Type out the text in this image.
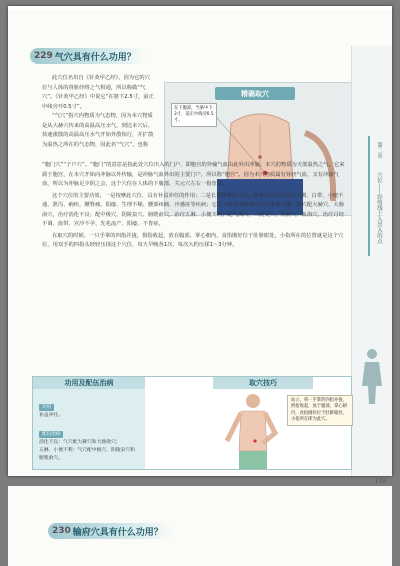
229 气穴具有什么功用？

此穴位名出自《针灸甲乙经》，因为它的穴位与人体的肾脏经络之气相通，所以称做“气穴”。《针灸甲乙经》中说它“在脐下2.5寸，前正中线旁开0.5寸”。

“气穴”指穴内物质为气态物，因为本穴物质是从大赫穴传来的高温高压水气，到达本穴后，快速涨散的高温高压水气开始外散惊行，并扩散为温热之所在的气态物，因此名“气穴”，也称

精确取穴
在下腹部，当脐中下3寸，前正中线旁0.5寸。

“胞门穴”“子户穴”。“胞门”的意思是指此处穴位出入的门户，即胞宫的外输气血由此外出冲脉。本穴的物质为天部温热之气，它来源于胞宫，在本穴开始向冲脉以外传输，是冲脉气血外出的主要门户，所以称“胞宫”。因为本穴物质属有肾经气血，又有冲脉气血，所以为冲脉足少阴之会，这个穴位在人体的下腹部，关元穴左右一指宽处。

这个穴位的主要功效，一是按摩此穴位，具有补益冲任的作用；二是长期按摩此穴位，能够有效治疗月经不调、白带、小便不通、泄泻、痢疾、腰脊痛、阳痿、生理不顺、腰部疼痛、冷感症等疾病；它是人体足少阴肾经上的重要穴道，此穴配大赫穴、大肠俞穴，治疗消化不良；配中极穴、阴陵泉穴、膀胱俞穴，治疗五淋、小便不利；配气海穴、三阴交穴、肾俞穴、血海穴，治疗月经不调、血带、宫冷不孕、先兆流产、阳痿、不育症。

在取穴的时候，一只手掌的四指并拢，拇指收起，放在腹部，掌心朝内，食指刚好位于肚脐眼处，小指所在的位置就是这个穴位，用双手的四指头轻轻压揉这个穴位，每天早晚各1次，每次大约压揉1～3分钟。

第二章
穴位——经络线上入出入的点
179
功用及配伍治病
功用
补益冲任。
配伍治病
消化不良：气穴配大赫穴和大肠俞穴；
五淋、小便不利：气穴配中极穴、阴陵泉穴和膀胱俞穴。
取穴技巧
站立，将一手掌的四指并拢，拇指收起，放于腹部，掌心朝内，食指刚好位于肚脐眼处，小指所在即为此穴。
230 输府穴具有什么功用？
